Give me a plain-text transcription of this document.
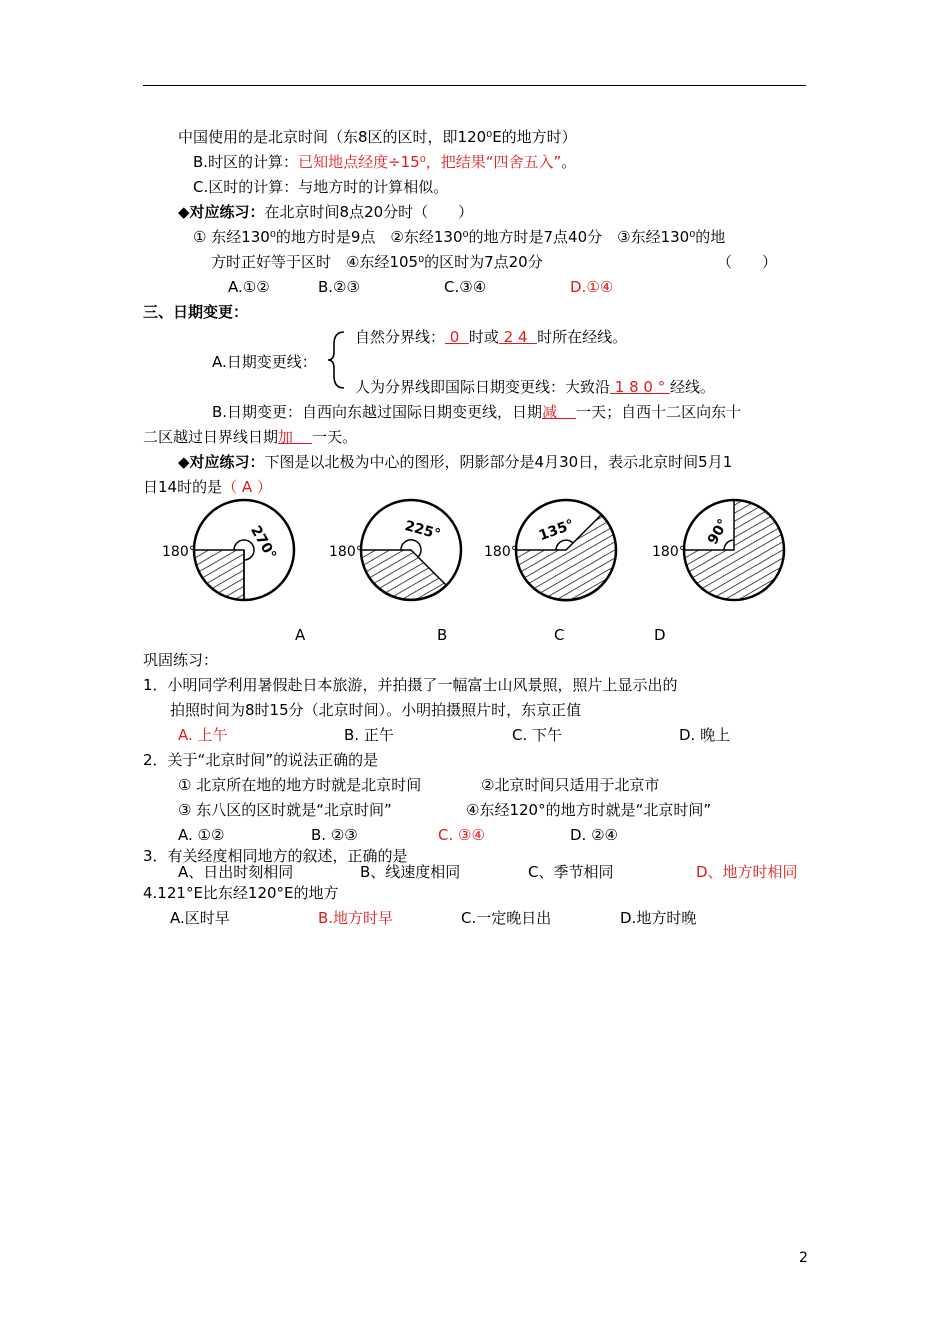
中国使用的是北京时间（东8区的区时，即120⁰E的地方时）
B.时区的计算：已知地点经度÷15⁰，把结果“四舍五入”。
C.区时的计算：与地方时的计算相似。
◆对应练习：在北京时间8点20分时（　　）
① 东经130⁰的地方时是9点　②东经130⁰的地方时是7点40分　③东经130⁰的地
方时正好等于区时　④东经105⁰的区时为7点20分	（　　）
A.①②	B.②③	C.③④	D.①④
三、日期变更：
自然分界线： 0  时或 2 4  时所在经线。
A.日期变更线：
人为分界线即国际日期变更线：大致沿 1 8 0 ° 经线。
B.日期变更：自西向东越过国际日期变更线，日期减    一天；自西十二区向东十
二区越过日界线日期加    一天。
◆对应练习：下图是以北极为中心的图形，阴影部分是4月30日，表示北京时间5月1
日14时的是（ A ）
180°	270°	180°
225°
180°
135°
180°
90°
A	B	C	D
巩固练习：
1．小明同学利用暑假赴日本旅游，并拍摄了一幅富士山风景照，照片上显示出的
拍照时间为8时15分（北京时间）。小明拍摄照片时，东京正值
A. 上午	B. 正午	C. 下午	D. 晚上
2．关于“北京时间”的说法正确的是
① 北京所在地的地方时就是北京时间	②北京时间只适用于北京市
③ 东八区的区时就是“北京时间”	④东经120°的地方时就是“北京时间”
A. ①②	B. ②③	C. ③④	D. ②④
3．有关经度相同地方的叙述，正确的是
A、日出时刻相同	B、线速度相同	C、季节相同	D、地方时相同
4.121°E比东经120°E的地方
A.区时早	B.地方时早	C.一定晚日出	D.地方时晚
2
